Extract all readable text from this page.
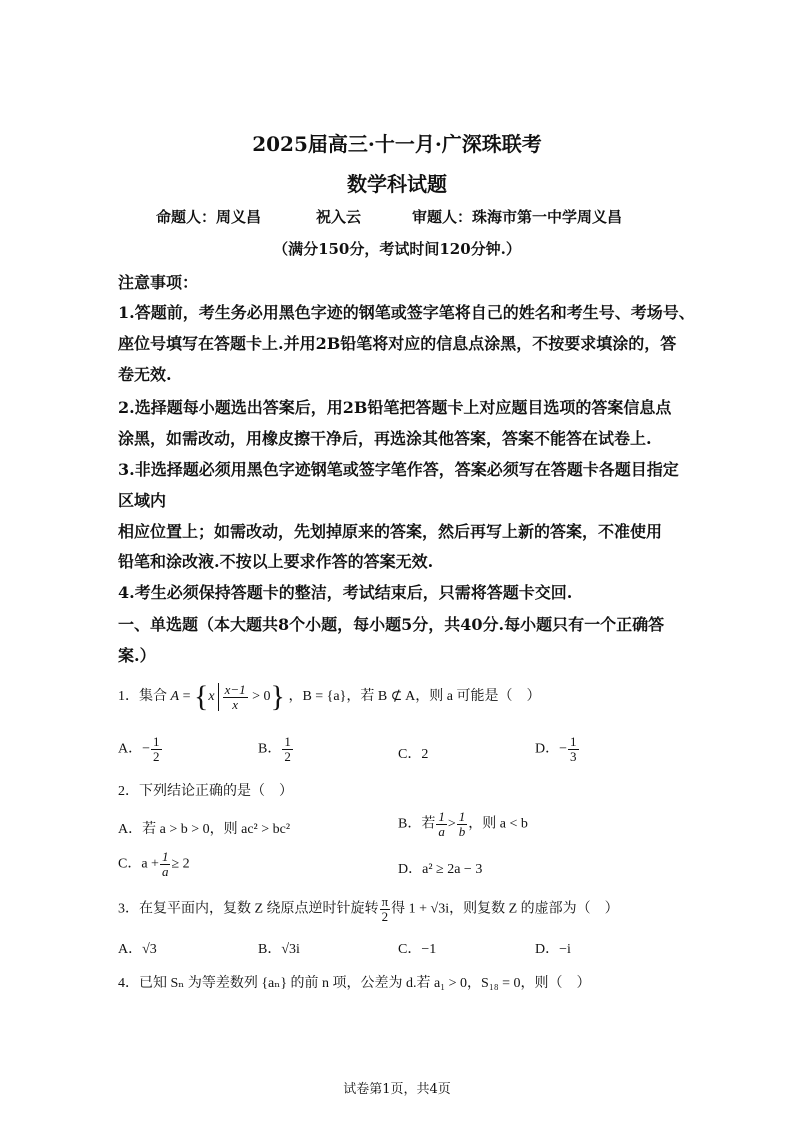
2025届高三·十一月·广深珠联考
数学科试题
命题人：周义昌	祝入云	审题人：珠海市第一中学周义昌
（满分150分，考试时间120分钟.）
注意事项：
1.答题前，考生务必用黑色字迹的钢笔或签字笔将自己的姓名和考生号、考场号、
座位号填写在答题卡上.并用2B铅笔将对应的信息点涂黑，不按要求填涂的，答
卷无效.
2.选择题每小题选出答案后，用2B铅笔把答题卡上对应题目选项的答案信息点
涂黑，如需改动，用橡皮擦干净后，再选涂其他答案，答案不能答在试卷上.
3.非选择题必须用黑色字迹钢笔或签字笔作答，答案必须写在答题卡各题目指定
区域内
相应位置上；如需改动，先划掉原来的答案，然后再写上新的答案，不准使用
铅笔和涂改液.不按以上要求作答的答案无效.
4.考生必须保持答题卡的整洁，考试结束后，只需将答题卡交回.
一、单选题（本大题共8个小题，每小题5分，共40分.每小题只有一个正确答
案.）
1．集合 $A = \{x \frac{x-1}{x} > 0\}$ ，B = {a}，若 B ⊄ A，则 a 可能是（　）
A．− $\frac{1}{2}$	B． $\frac{1}{2}$	C．2	D．− $\frac{1}{3}$
2．下列结论正确的是（　）
A．若 a > b > 0，则 ac² > bc²	B．若 $\frac{1}{a} > \frac{1}{b}$ ，则 a < b
C．$a + \frac{1}{a} \ge 2$	D．a² ≥ 2a − 3
3．在复平面内，复数 Z 绕原点逆时针旋转 $\frac{\pi}{2}$ 得 1 + √3i，则复数 Z 的虚部为（　）
A．√3	B．√3i	C．−1	D．−i
4．已知 Sₙ 为等差数列 {aₙ} 的前 n 项，公差为 d.若 a₁ > 0，S₁₈ = 0，则（　）
试卷第1页，共4页
